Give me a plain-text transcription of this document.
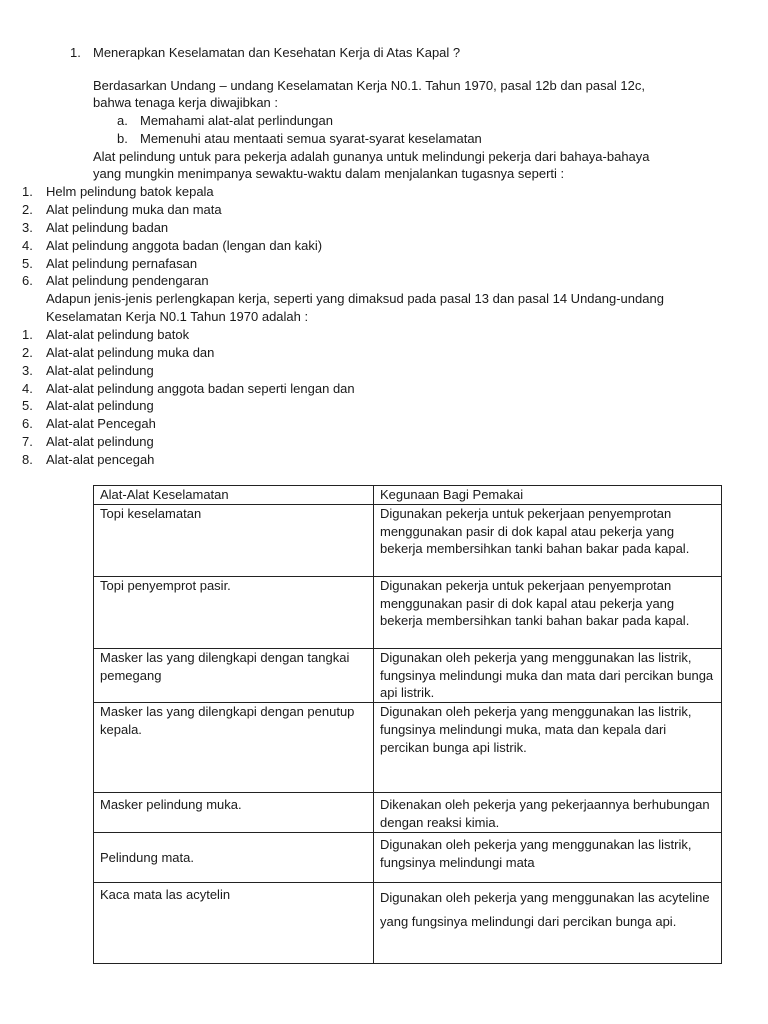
1. Menerapkan Keselamatan dan Kesehatan Kerja di Atas Kapal ?
Berdasarkan Undang – undang Keselamatan Kerja N0.1. Tahun 1970, pasal 12b dan pasal 12c,
bahwa tenaga kerja diwajibkan :
a. Memahami alat-alat perlindungan
b. Memenuhi atau mentaati semua syarat-syarat keselamatan
Alat pelindung untuk para pekerja adalah gunanya untuk melindungi pekerja dari bahaya-bahaya
yang mungkin menimpanya sewaktu-waktu dalam menjalankan tugasnya seperti :
1. Helm pelindung batok kepala
2. Alat pelindung muka dan mata
3. Alat pelindung badan
4. Alat pelindung anggota badan (lengan dan kaki)
5. Alat pelindung pernafasan
6. Alat pelindung pendengaran
Adapun jenis-jenis perlengkapan kerja, seperti yang dimaksud pada pasal 13 dan pasal 14 Undang-undang
Keselamatan Kerja N0.1 Tahun 1970 adalah :
1. Alat-alat pelindung batok
2. Alat-alat pelindung muka dan
3. Alat-alat pelindung
4. Alat-alat pelindung anggota badan seperti lengan dan
5. Alat-alat pelindung
6. Alat-alat Pencegah
7. Alat-alat pelindung
8. Alat-alat pencegah
Alat-Alat Keselamatan	Kegunaan Bagi Pemakai
Topi keselamatan	Digunakan pekerja untuk pekerjaan penyemprotan menggunakan pasir di dok kapal atau pekerja yang bekerja membersihkan tanki bahan bakar pada kapal.
Topi penyemprot pasir.	Digunakan pekerja untuk pekerjaan penyemprotan menggunakan pasir di dok kapal atau pekerja yang bekerja membersihkan tanki bahan bakar pada kapal.
Masker las yang dilengkapi dengan tangkai pemegang	Digunakan oleh pekerja yang menggunakan las listrik, fungsinya melindungi muka dan mata dari percikan bunga api listrik.
Masker las yang dilengkapi dengan penutup kepala.	Digunakan oleh pekerja yang menggunakan las listrik, fungsinya melindungi muka, mata dan kepala dari percikan bunga api listrik.
Masker pelindung muka.	Dikenakan oleh pekerja yang pekerjaannya berhubungan dengan reaksi kimia.
Pelindung mata.	Digunakan oleh pekerja yang menggunakan las listrik, fungsinya melindungi mata
Kaca mata las acytelin	Digunakan oleh pekerja yang menggunakan las acyteline yang fungsinya melindungi dari percikan bunga api.
